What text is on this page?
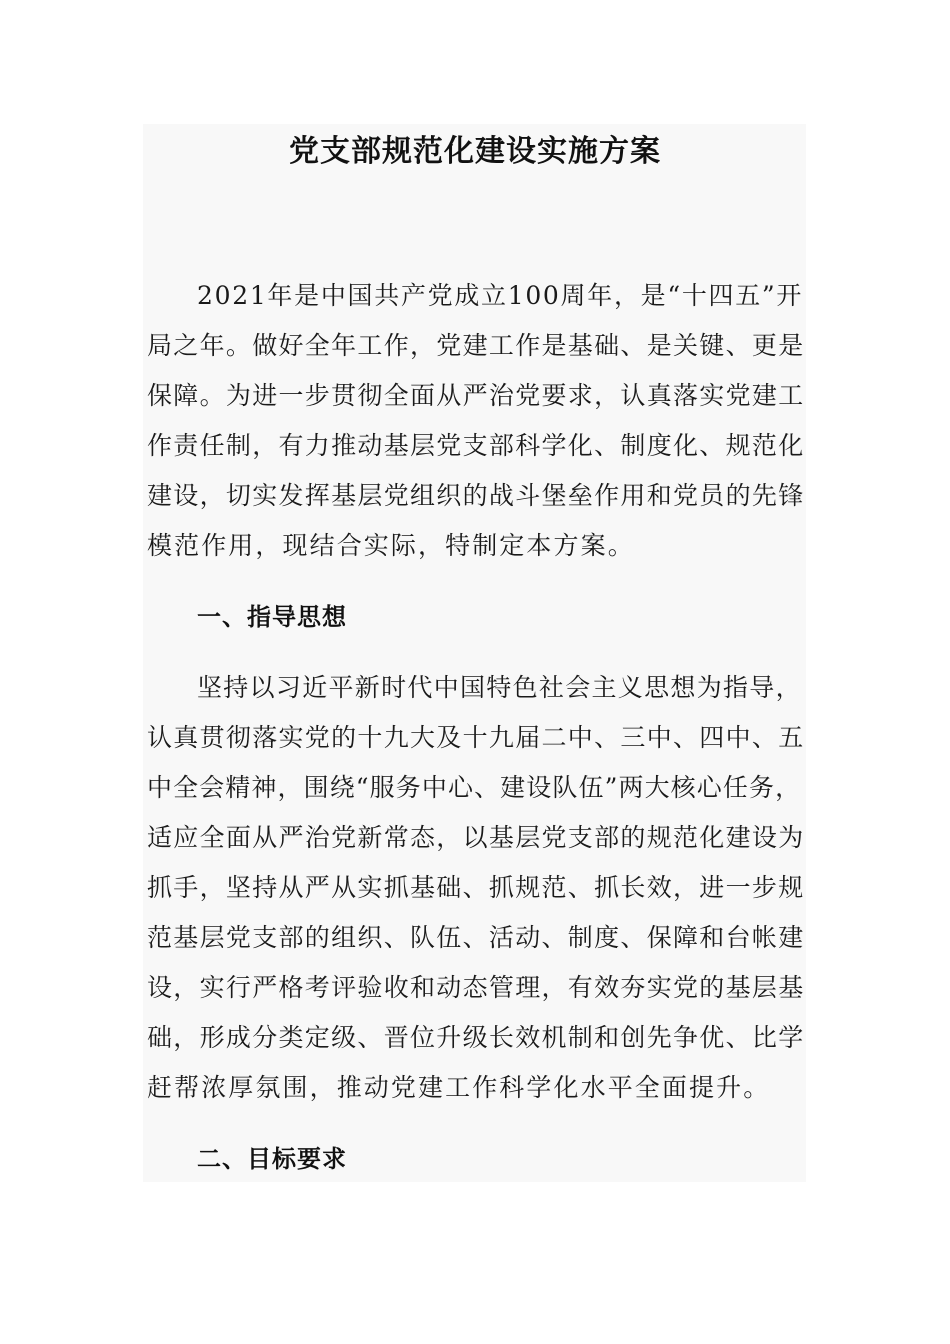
党支部规范化建设实施方案

2021年是中国共产党成立100周年，是“十四五”开

局之年。做好全年工作，党建工作是基础、是关键、更是

保障。为进一步贯彻全面从严治党要求，认真落实党建工

作责任制，有力推动基层党支部科学化、制度化、规范化

建设，切实发挥基层党组织的战斗堡垒作用和党员的先锋

模范作用，现结合实际，特制定本方案。

一、指导思想

坚持以习近平新时代中国特色社会主义思想为指导，

认真贯彻落实党的十九大及十九届二中、三中、四中、五

中全会精神，围绕“服务中心、建设队伍”两大核心任务，

适应全面从严治党新常态，以基层党支部的规范化建设为

抓手，坚持从严从实抓基础、抓规范、抓长效，进一步规

范基层党支部的组织、队伍、活动、制度、保障和台帐建

设，实行严格考评验收和动态管理，有效夯实党的基层基

础，形成分类定级、晋位升级长效机制和创先争优、比学

赶帮浓厚氛围，推动党建工作科学化水平全面提升。

二、目标要求
